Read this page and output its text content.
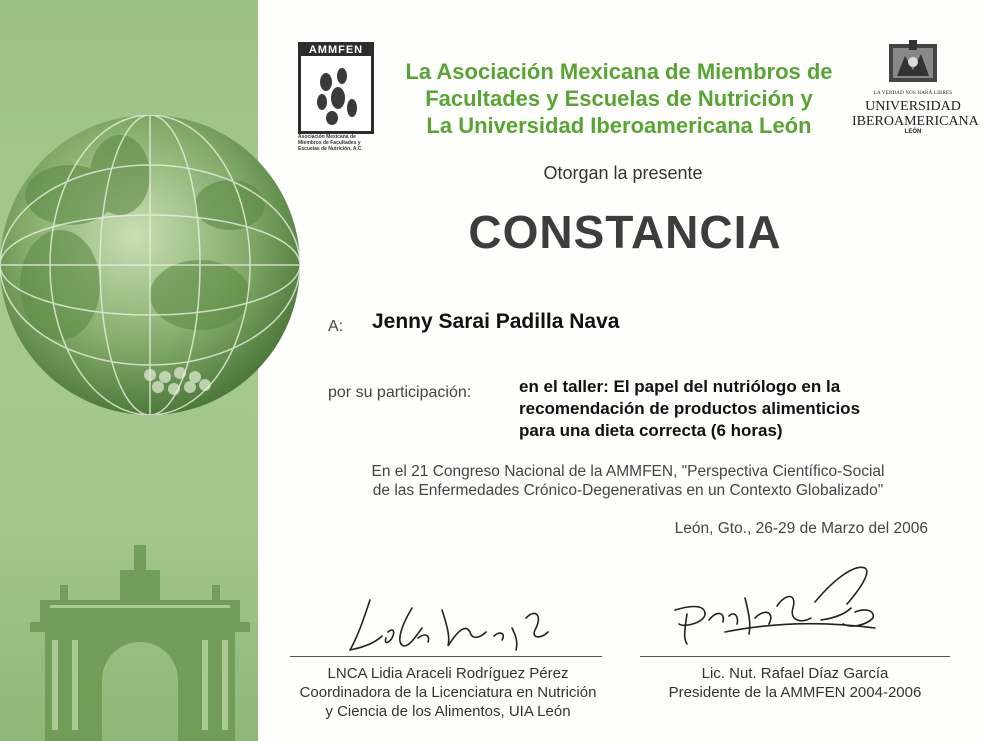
AMMFEN
Asociación Mexicana de
Miembros de Facultades y
Escuelas de Nutrición, A.C.
La Asociación Mexicana de Miembros de
Facultades y Escuelas de Nutrición y
La Universidad Iberoamericana León
LA VERDAD NOS HARÁ LIBRES
UNIVERSIDAD
IBEROAMERICANA
LEÓN
Otorgan la presente
CONSTANCIA
A: Jenny Sarai Padilla Nava
por su participación:	en el taller: El papel del nutriólogo en la
recomendación de productos alimenticios
para una dieta correcta (6 horas)
En el 21 Congreso Nacional de la AMMFEN, "Perspectiva Científico-Social
de las Enfermedades Crónico-Degenerativas en un Contexto Globalizado"
León, Gto., 26-29 de Marzo del 2006
LNCA Lidia Araceli Rodríguez Pérez
Coordinadora de la Licenciatura en Nutrición
y Ciencia de los Alimentos, UIA León
Lic. Nut. Rafael Díaz García
Presidente de la AMMFEN 2004-2006
